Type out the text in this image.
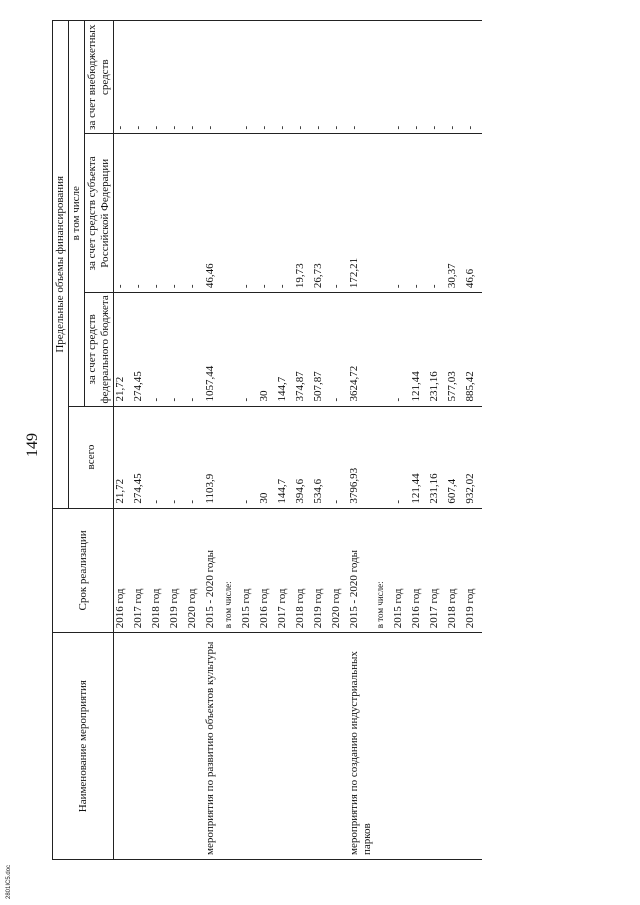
149
2801IC5.doc
Наименование мероприятия	Срок реализации	Предельные объемы финансирования			
		всего	в том числе		
			за счет средств федерального бюджета	за счет средств субъекта Российской Федерации	за счет внебюджетных средств
	2016 год	21,72	21,72	-	-
	2017 год	274,45	274,45	-	-
	2018 год	-	-	-	-
	2019 год	-	-	-	-
	2020 год	-	-	-	-
мероприятия по развитию объектов культуры	2015 - 2020 годы	1103,9	1057,44	46,46	-
	в том числе:				
	2015 год	-	-	-	-
	2016 год	30	30	-	-
	2017 год	144,7	144,7	-	-
	2018 год	394,6	374,87	19,73	-
	2019 год	534,6	507,87	26,73	-
	2020 год	-	-	-	-
мероприятия по созданию индустриальных парков	2015 - 2020 годы	3796,93	3624,72	172,21	-
	в том числе:				
	2015 год	-	-	-	-
	2016 год	121,44	121,44	-	-
	2017 год	231,16	231,16	-	-
	2018 год	607,4	577,03	30,37	-
	2019 год	932,02	885,42	46,6	-
